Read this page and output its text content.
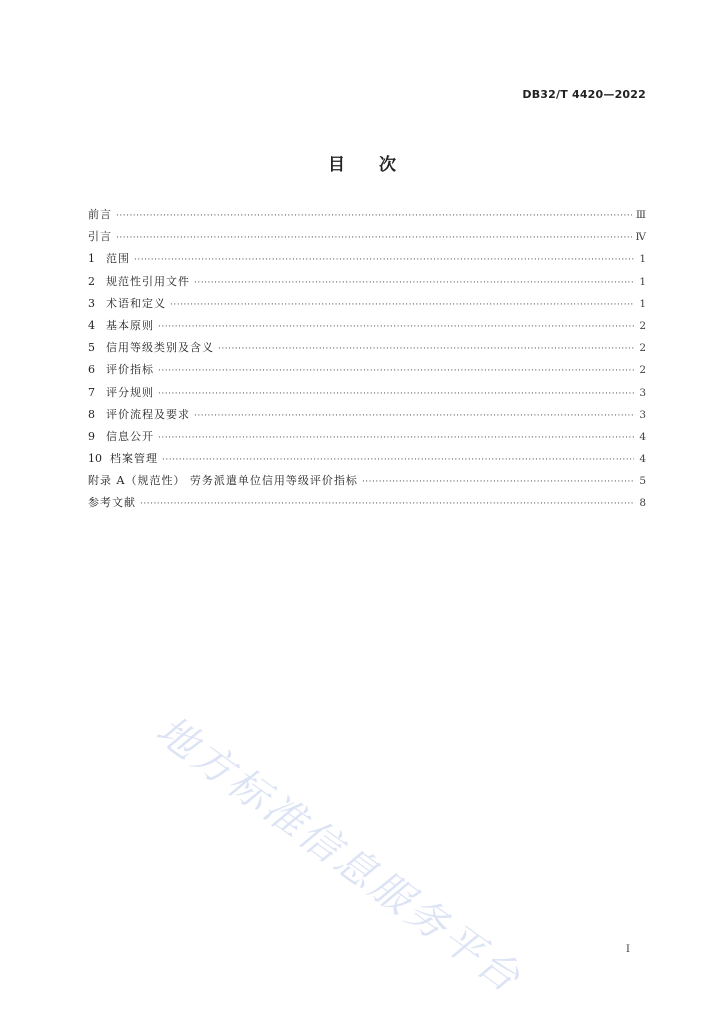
DB32/T 4420—2022
目次
前言 ·····	Ⅲ
引言 ·····	Ⅳ
1	范围 ·····	1
2	规范性引用文件 ·····	1
3	术语和定义 ·····	1
4	基本原则 ·····	2
5	信用等级类别及含义 ·····	2
6	评价指标 ·····	2
7	评分规则 ·····	3
8	评价流程及要求 ·····	3
9	信息公开 ·····	4
10 档案管理 ·····	4
附录 A（规范性） 劳务派遣单位信用等级评价指标 ·····	5
参考文献 ·····	8
地方标准信息服务平台	I
